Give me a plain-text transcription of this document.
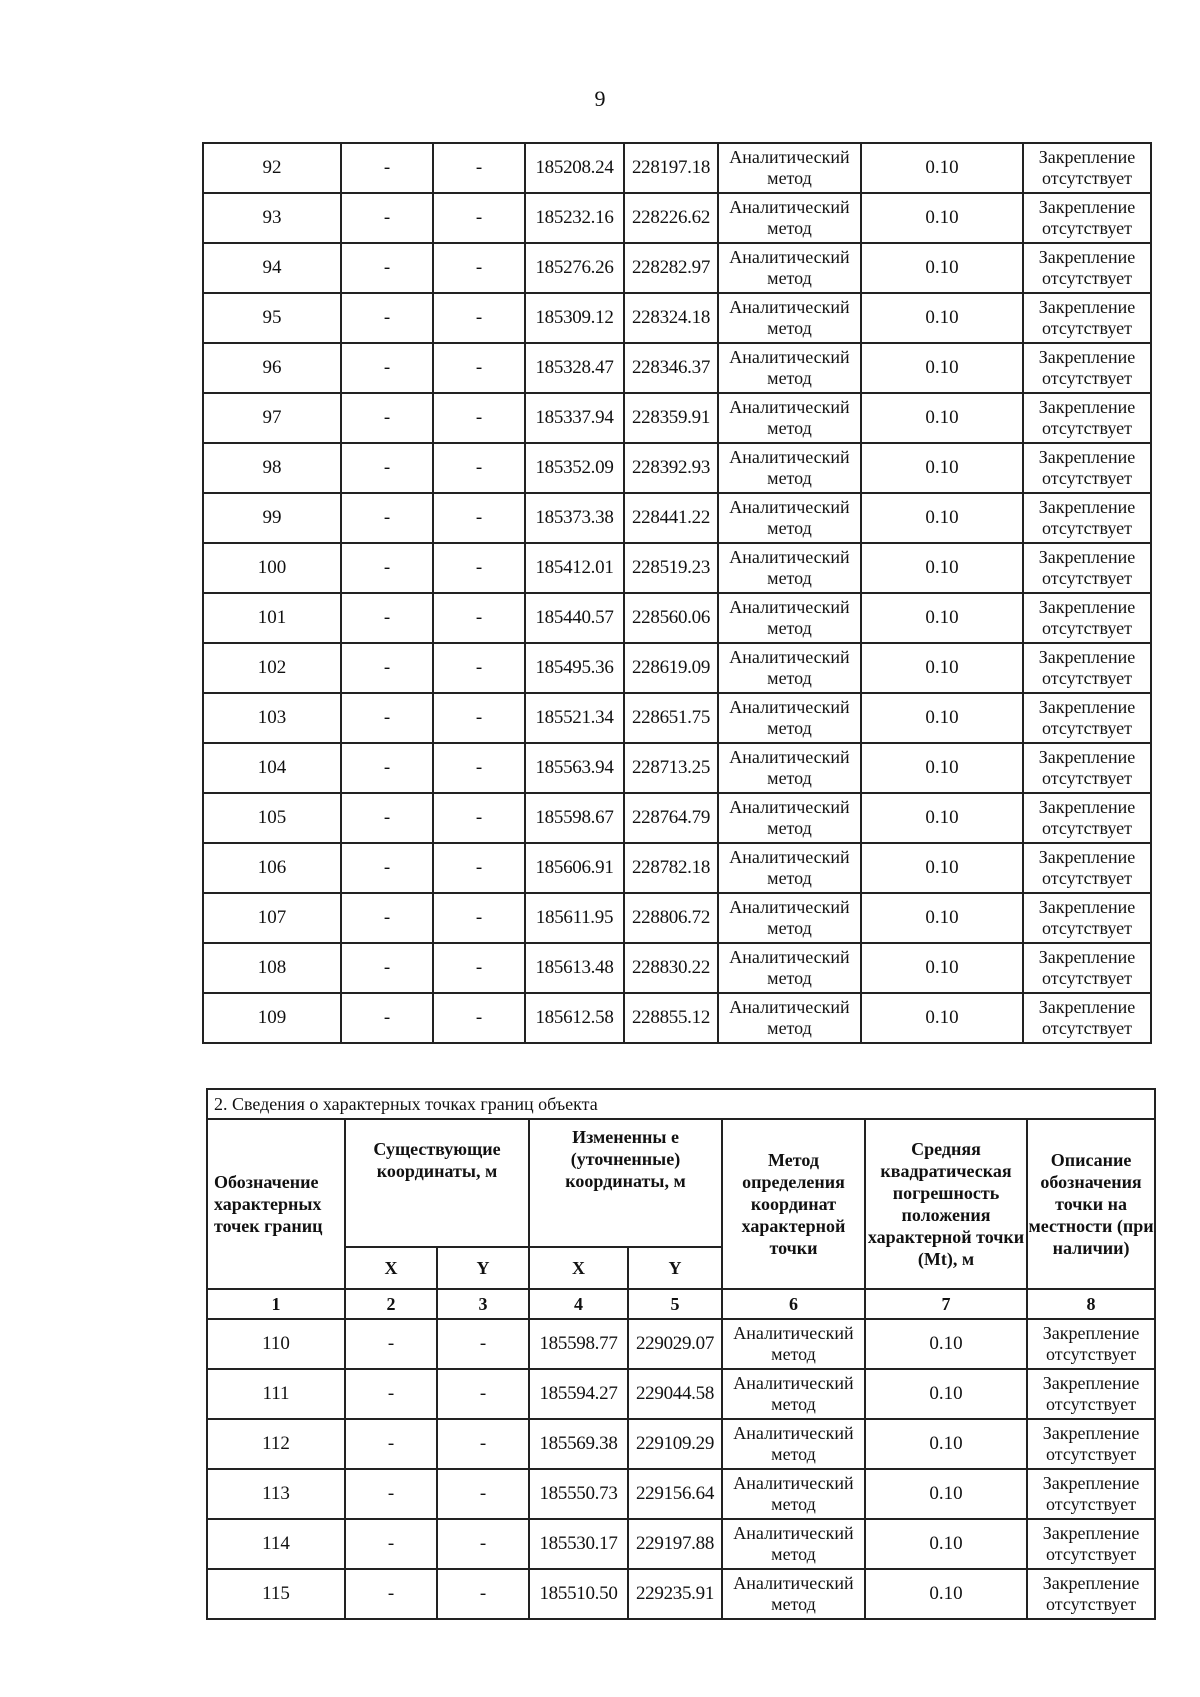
9
92	-	-	185208.24	228197.18	Аналитический
метод	0.10	Закрепление
отсутствует

93	-	-	185232.16	228226.62	Аналитический
метод	0.10	Закрепление
отсутствует

94	-	-	185276.26	228282.97	Аналитический
метод	0.10	Закрепление
отсутствует

95	-	-	185309.12	228324.18	Аналитический
метод	0.10	Закрепление
отсутствует

96	-	-	185328.47	228346.37	Аналитический
метод	0.10	Закрепление
отсутствует

97	-	-	185337.94	228359.91	Аналитический
метод	0.10	Закрепление
отсутствует

98	-	-	185352.09	228392.93	Аналитический
метод	0.10	Закрепление
отсутствует

99	-	-	185373.38	228441.22	Аналитический
метод	0.10	Закрепление
отсутствует

100	-	-	185412.01	228519.23	Аналитический
метод	0.10	Закрепление
отсутствует

101	-	-	185440.57	228560.06	Аналитический
метод	0.10	Закрепление
отсутствует

102	-	-	185495.36	228619.09	Аналитический
метод	0.10	Закрепление
отсутствует

103	-	-	185521.34	228651.75	Аналитический
метод	0.10	Закрепление
отсутствует

104	-	-	185563.94	228713.25	Аналитический
метод	0.10	Закрепление
отсутствует

105	-	-	185598.67	228764.79	Аналитический
метод	0.10	Закрепление
отсутствует

106	-	-	185606.91	228782.18	Аналитический
метод	0.10	Закрепление
отсутствует

107	-	-	185611.95	228806.72	Аналитический
метод	0.10	Закрепление
отсутствует

108	-	-	185613.48	228830.22	Аналитический
метод	0.10	Закрепление
отсутствует

109	-	-	185612.58	228855.12	Аналитический
метод	0.10	Закрепление
отсутствует
2. Сведения о характерных точках границ объекта							
Обозначение характерных точек границ	Существующие координаты, м		Измененны е (уточненные) координаты, м		Метод определения координат характерной точки	Средняя квадратическая погрешность положения характерной точки (Mt), м	Описание обозначения точки на местности (при наличии)
	X	Y	X	Y			
1	2	3	4	5	6	7	8
110	-	-	185598.77	229029.07	Аналитический
метод	0.10	Закрепление
отсутствует

111	-	-	185594.27	229044.58	Аналитический
метод	0.10	Закрепление
отсутствует

112	-	-	185569.38	229109.29	Аналитический
метод	0.10	Закрепление
отсутствует

113	-	-	185550.73	229156.64	Аналитический
метод	0.10	Закрепление
отсутствует

114	-	-	185530.17	229197.88	Аналитический
метод	0.10	Закрепление
отсутствует

115	-	-	185510.50	229235.91	Аналитический
метод	0.10	Закрепление
отсутствует
